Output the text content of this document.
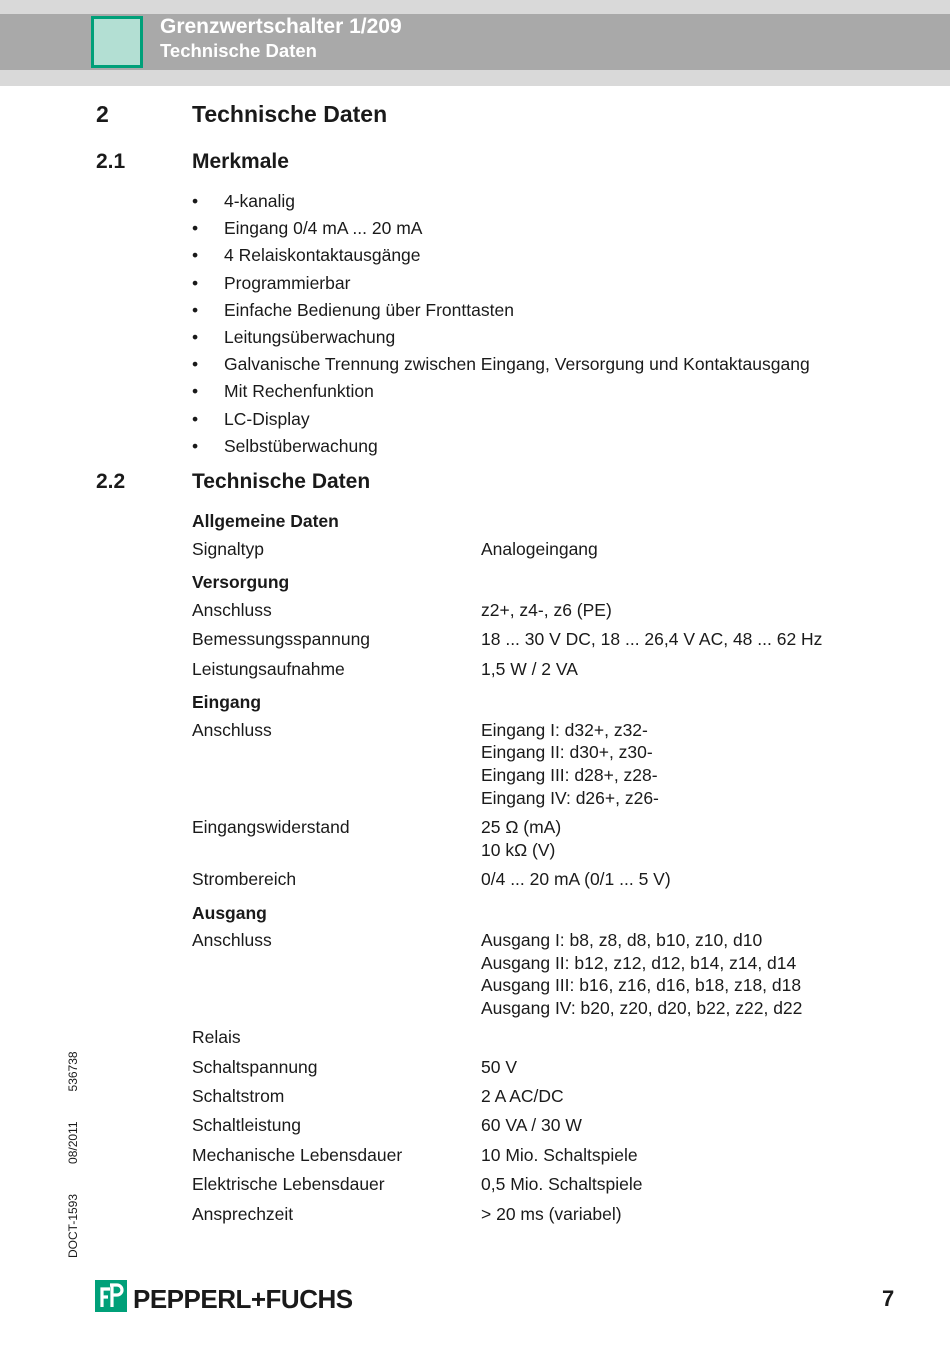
Grenzwertschalter 1/209
Technische Daten
2	Technische Daten
2.1	Merkmale
• 4-kanalig
• Eingang 0/4 mA ... 20 mA
• 4 Relaiskontaktausgänge
• Programmierbar
• Einfache Bedienung über Fronttasten
• Leitungsüberwachung
• Galvanische Trennung zwischen Eingang, Versorgung und Kontaktausgang
• Mit Rechenfunktion
• LC-Display
• Selbstüberwachung
2.2	Technische Daten
Allgemeine Daten
Signaltyp	Analogeingang
Versorgung
Anschluss	z2+, z4-, z6 (PE)
Bemessungsspannung	18 ... 30 V DC, 18 ... 26,4 V AC, 48 ... 62 Hz
Leistungsaufnahme	1,5 W / 2 VA
Eingang
Anschluss	Eingang I: d32+, z32-
Eingang II: d30+, z30-
Eingang III: d28+, z28-
Eingang IV: d26+, z26-
Eingangswiderstand	25 Ω (mA)
10 kΩ (V)
Strombereich	0/4 ... 20 mA (0/1 ... 5 V)
Ausgang
Anschluss	Ausgang I: b8, z8, d8, b10, z10, d10
Ausgang II: b12, z12, d12, b14, z14, d14
Ausgang III: b16, z16, d16, b18, z18, d18
Ausgang IV: b20, z20, d20, b22, z22, d22
Relais
Schaltspannung	50 V
Schaltstrom	2 A AC/DC
Schaltleistung	60 VA / 30 W
Mechanische Lebensdauer	10 Mio. Schaltspiele
Elektrische Lebensdauer	0,5 Mio. Schaltspiele
Ansprechzeit	> 20 ms (variabel)
DOCT-159308/2011536738
PEPPERL+FUCHS	7
